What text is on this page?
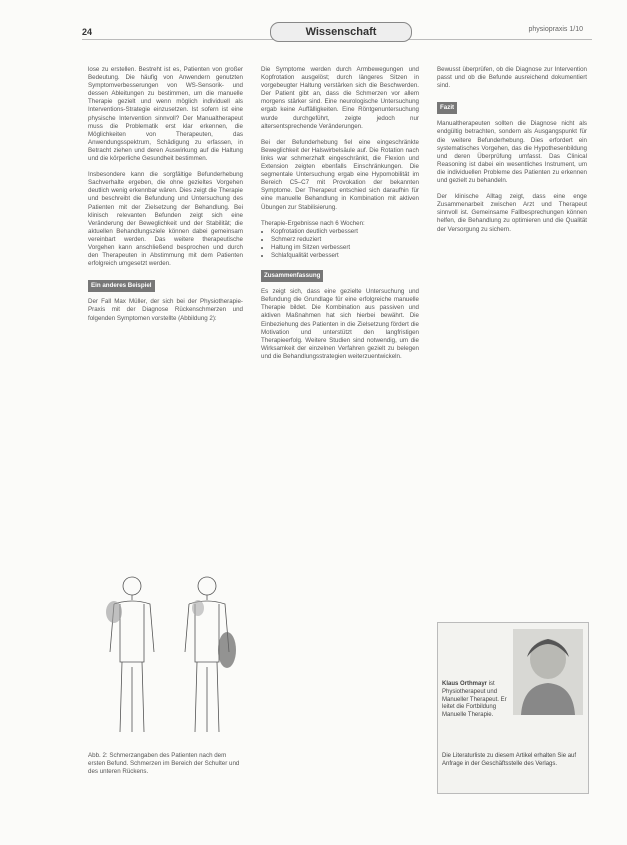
24	Wissenschaft	physiopraxis 1/10

lose zu erstellen. Bestreht ist es, Patienten von großer Bedeutung. Die häufig von Anwendern genutzten Symptomverbesserungen von WS-Sensorik- und dessen Ableitungen zu bestimmen, um die manuelle Therapie gezielt und wenn möglich individuell als Interventions-Strategie einzusetzen. Ist sofern ist eine physische Intervention sinnvoll? Der Manualtherapeut muss die Problematik erst klar erkennen, die Möglichkeiten von Therapeuten, das Anwendungsspektrum, Schädigung zu erfassen, in Betracht ziehen und deren Auswirkung auf die Haltung und die körperliche Gesundheit bestimmen.

Insbesondere kann die sorgfältige Befunderhebung Sachverhalte ergeben, die ohne gezieltes Vorgehen deutlich wenig erkennbar wären. Dies zeigt die Therapie und beschreibt die Befundung und Untersuchung des Patienten mit der Zielsetzung der Behandlung. Bei klinisch relevanten Befunden zeigt sich eine Veränderung der Beweglichkeit und der Stabilität; die aktuellen Behandlungsziele können dabei gemeinsam vereinbart werden. Das weitere therapeutische Vorgehen kann anschließend besprochen und durch den Therapeuten in Abstimmung mit dem Patienten erfolgreich umgesetzt werden.

Ein anderes Beispiel

Der Fall Max Müller, der sich bei der Physiotherapie-Praxis mit der Diagnose Rückenschmerzen und folgenden Symptomen vorstellte (Abbildung 2):

Abb. 2: Schmerzangaben des Patienten nach dem ersten Befund. Schmerzen im Bereich der Schulter und des unteren Rückens.

Die Symptome werden durch Armbewegungen und Kopfrotation ausgelöst; durch längeres Sitzen in vorgebeugter Haltung verstärken sich die Beschwerden. Der Patient gibt an, dass die Schmerzen vor allem morgens stärker sind. Eine neurologische Untersuchung ergab keine Auffälligkeiten. Eine Röntgenuntersuchung wurde durchgeführt, zeigte jedoch nur altersentsprechende Veränderungen.

Bei der Befunderhebung fiel eine eingeschränkte Beweglichkeit der Halswirbelsäule auf. Die Rotation nach links war schmerzhaft eingeschränkt, die Flexion und Extension zeigten ebenfalls Einschränkungen. Die segmentale Untersuchung ergab eine Hypomobilität im Bereich C5–C7 mit Provokation der bekannten Symptome. Der Therapeut entschied sich daraufhin für eine manuelle Behandlung in Kombination mit aktiven Übungen zur Stabilisierung.

Therapie-Ergebnisse nach 6 Wochen:
• Kopfrotation deutlich verbessert
• Schmerz reduziert
• Haltung im Sitzen verbessert
• Schlafqualität verbessert
Zusammenfassung

Es zeigt sich, dass eine gezielte Untersuchung und Befundung die Grundlage für eine erfolgreiche manuelle Therapie bildet. Die Kombination aus passiven und aktiven Maßnahmen hat sich hierbei bewährt. Die Einbeziehung des Patienten in die Zielsetzung fördert die Motivation und unterstützt den langfristigen Therapieerfolg. Weitere Studien sind notwendig, um die Wirksamkeit der einzelnen Verfahren gezielt zu belegen und die Behandlungsstrategien weiterzuentwickeln.

Bewusst überprüfen, ob die Diagnose zur Intervention passt und ob die Befunde ausreichend dokumentiert sind.

Fazit

Manualtherapeuten sollten die Diagnose nicht als endgültig betrachten, sondern als Ausgangspunkt für die weitere Befunderhebung. Dies erfordert ein systematisches Vorgehen, das die Hypothesenbildung und deren Überprüfung umfasst. Das Clinical Reasoning ist dabei ein wesentliches Instrument, um die individuellen Probleme des Patienten zu erkennen und gezielt zu behandeln.

Der klinische Alltag zeigt, dass eine enge Zusammenarbeit zwischen Arzt und Therapeut sinnvoll ist. Gemeinsame Fallbesprechungen können helfen, die Behandlung zu optimieren und die Qualität der Versorgung zu sichern.

Klaus Orthmayr ist Physiotherapeut und Manueller Therapeut. Er leitet die Fortbildung Manuelle Therapie.
Die Literaturliste zu diesem Artikel erhalten Sie auf Anfrage in der Geschäftsstelle des Verlags.
